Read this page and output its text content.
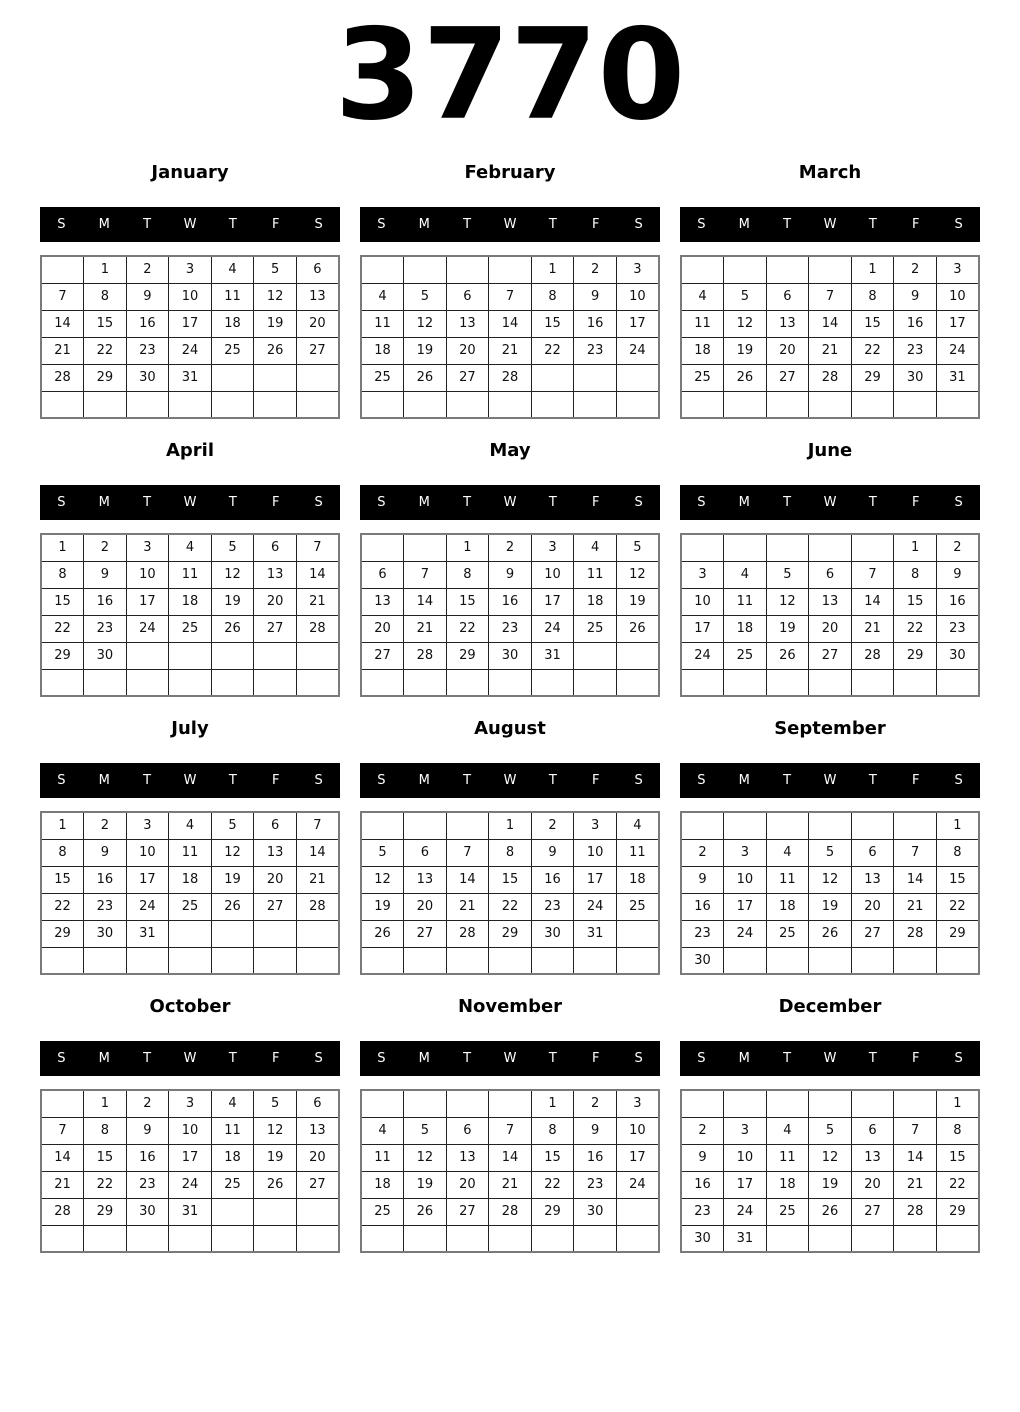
3770
January
S	M	T	W	T	F	S
	1	2	3	4	5	6
7	8	9	10	11	12	13
14	15	16	17	18	19	20
21	22	23	24	25	26	27
28	29	30	31			

February
S	M	T	W	T	F	S
				1	2	3
4	5	6	7	8	9	10
11	12	13	14	15	16	17
18	19	20	21	22	23	24
25	26	27	28			

March
S	M	T	W	T	F	S
				1	2	3
4	5	6	7	8	9	10
11	12	13	14	15	16	17
18	19	20	21	22	23	24
25	26	27	28	29	30	31

April
S	M	T	W	T	F	S
1	2	3	4	5	6	7
8	9	10	11	12	13	14
15	16	17	18	19	20	21
22	23	24	25	26	27	28
29	30					

May
S	M	T	W	T	F	S
		1	2	3	4	5
6	7	8	9	10	11	12
13	14	15	16	17	18	19
20	21	22	23	24	25	26
27	28	29	30	31		

June
S	M	T	W	T	F	S
					1	2
3	4	5	6	7	8	9
10	11	12	13	14	15	16
17	18	19	20	21	22	23
24	25	26	27	28	29	30

July
S	M	T	W	T	F	S
1	2	3	4	5	6	7
8	9	10	11	12	13	14
15	16	17	18	19	20	21
22	23	24	25	26	27	28
29	30	31				

August
S	M	T	W	T	F	S
			1	2	3	4
5	6	7	8	9	10	11
12	13	14	15	16	17	18
19	20	21	22	23	24	25
26	27	28	29	30	31	

September
S	M	T	W	T	F	S
						1
2	3	4	5	6	7	8
9	10	11	12	13	14	15
16	17	18	19	20	21	22
23	24	25	26	27	28	29
30						
October
S	M	T	W	T	F	S
	1	2	3	4	5	6
7	8	9	10	11	12	13
14	15	16	17	18	19	20
21	22	23	24	25	26	27
28	29	30	31			

November
S	M	T	W	T	F	S
				1	2	3
4	5	6	7	8	9	10
11	12	13	14	15	16	17
18	19	20	21	22	23	24
25	26	27	28	29	30	

December
S	M	T	W	T	F	S
						1
2	3	4	5	6	7	8
9	10	11	12	13	14	15
16	17	18	19	20	21	22
23	24	25	26	27	28	29
30	31					
